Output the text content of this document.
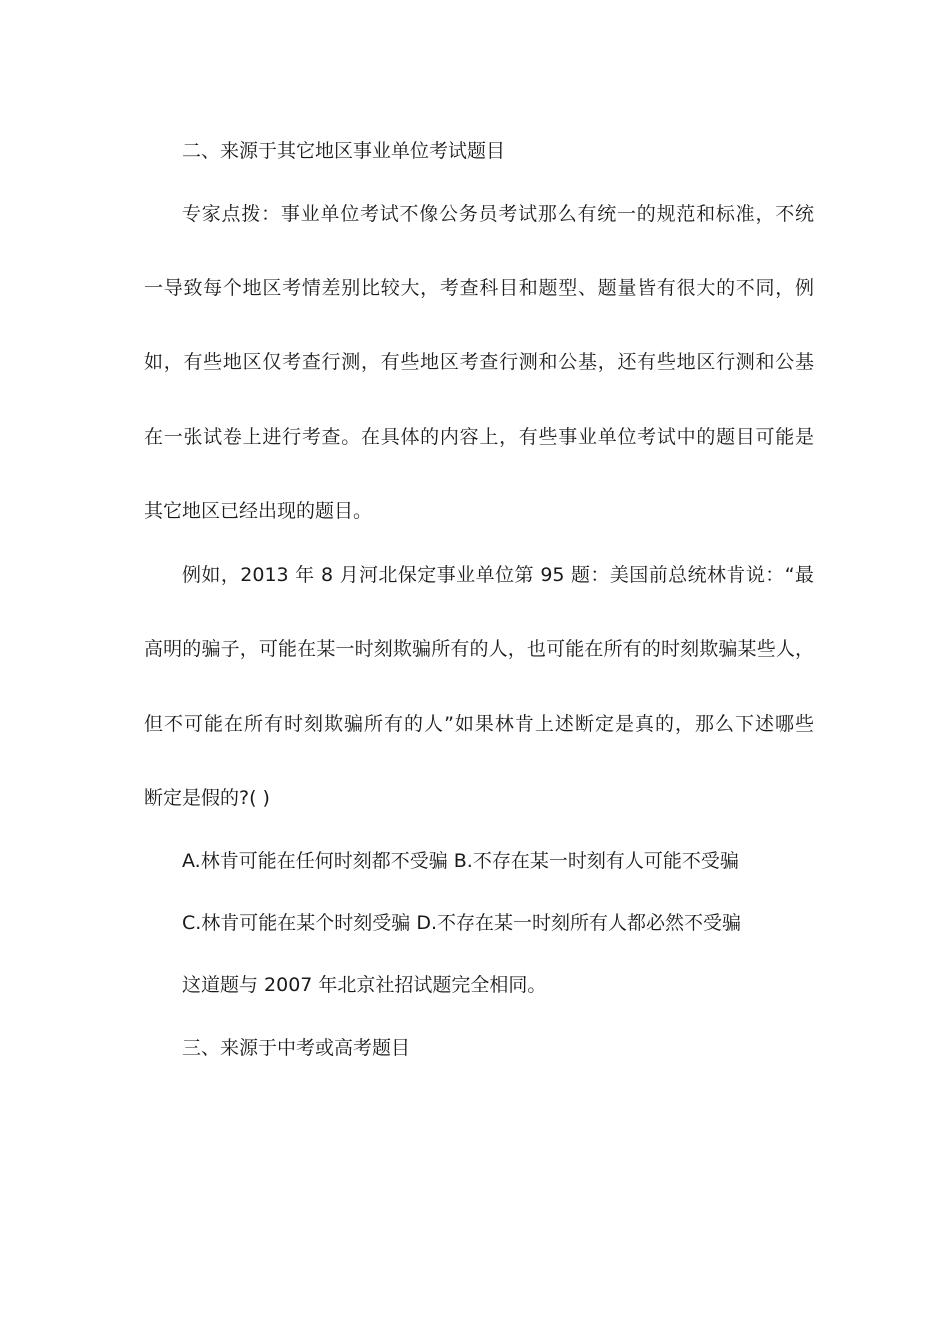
二、来源于其它地区事业单位考试题目
专家点拨：事业单位考试不像公务员考试那么有统一的规范和标准，不统
一导致每个地区考情差别比较大，考查科目和题型、题量皆有很大的不同，例
如，有些地区仅考查行测，有些地区考查行测和公基，还有些地区行测和公基
在一张试卷上进行考查。在具体的内容上，有些事业单位考试中的题目可能是
其它地区已经出现的题目。
例如，2013 年 8 月河北保定事业单位第 95 题：美国前总统林肯说：“最
高明的骗子，可能在某一时刻欺骗所有的人，也可能在所有的时刻欺骗某些人，
但不可能在所有时刻欺骗所有的人”如果林肯上述断定是真的，那么下述哪些
断定是假的?( )
A.林肯可能在任何时刻都不受骗 B.不存在某一时刻有人可能不受骗
C.林肯可能在某个时刻受骗 D.不存在某一时刻所有人都必然不受骗
这道题与 2007 年北京社招试题完全相同。
三、来源于中考或高考题目
